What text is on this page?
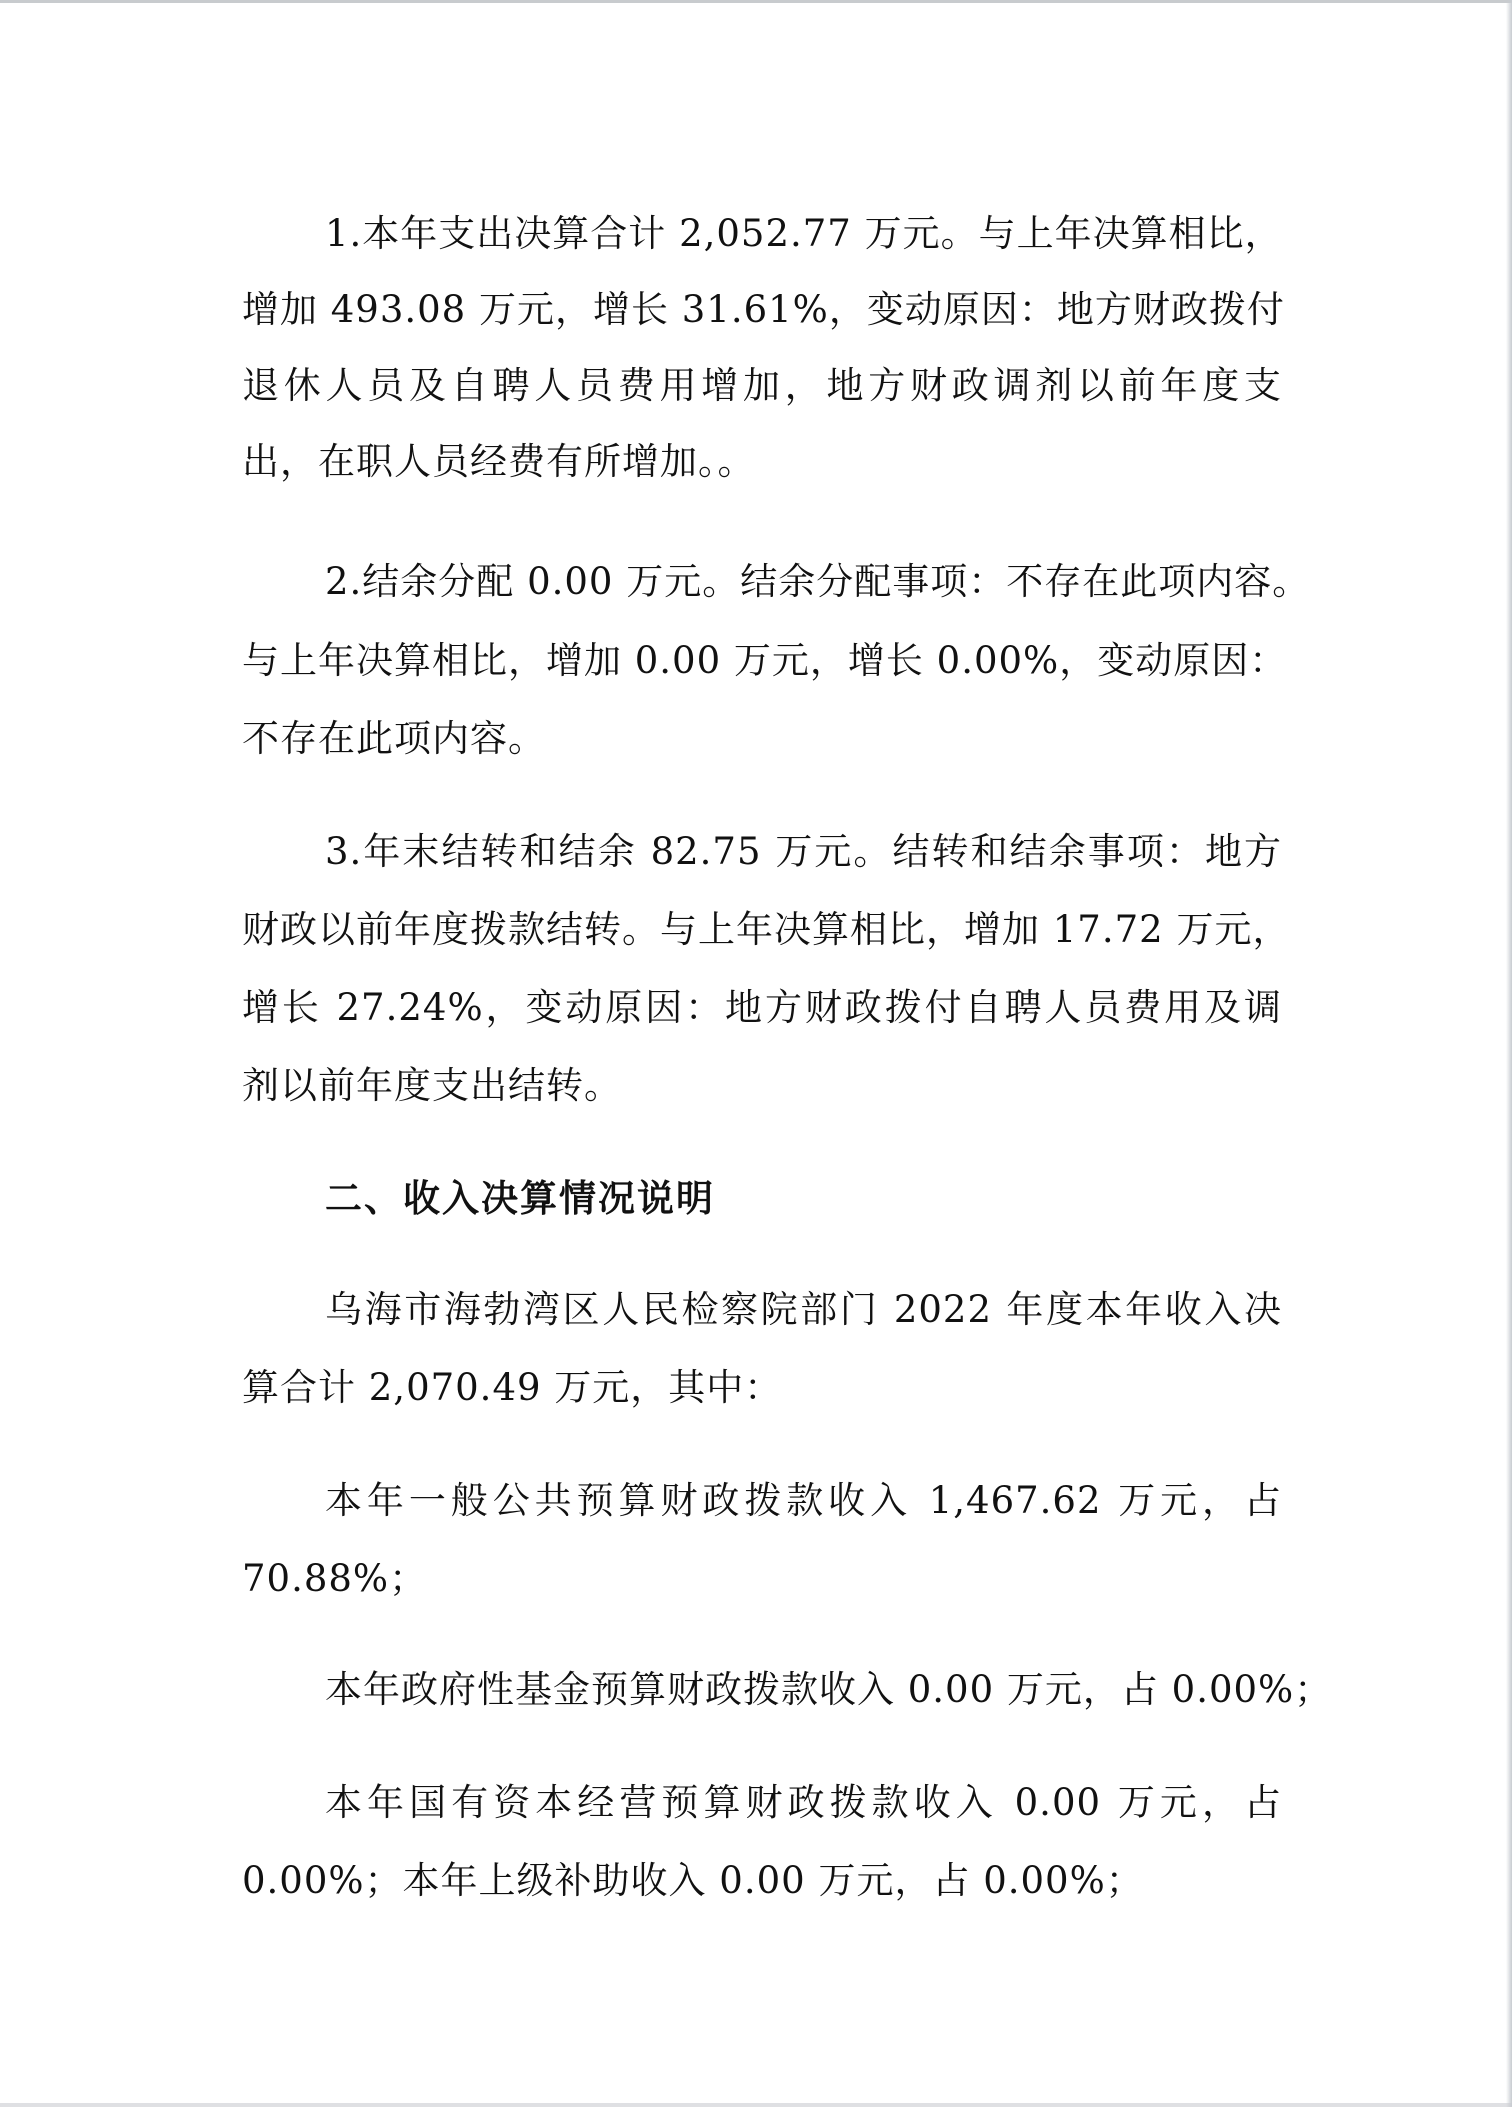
1.本年支出决算合计 2,052.77 万元。与上年决算相比，
增加 493.08 万元，增长 31.61%，变动原因：地方财政拨付
退休人员及自聘人员费用增加，地方财政调剂以前年度支
出，在职人员经费有所增加。。
2.结余分配 0.00 万元。结余分配事项：不存在此项内容。
与上年决算相比，增加 0.00 万元，增长 0.00%，变动原因：
不存在此项内容。
3.年末结转和结余 82.75 万元。结转和结余事项：地方
财政以前年度拨款结转。与上年决算相比，增加 17.72 万元，
增长 27.24%，变动原因：地方财政拨付自聘人员费用及调
剂以前年度支出结转。
二、收入决算情况说明
乌海市海勃湾区人民检察院部门 2022 年度本年收入决
算合计 2,070.49 万元，其中：
本年一般公共预算财政拨款收入 1,467.62 万元，占
70.88%；
本年政府性基金预算财政拨款收入 0.00 万元，占 0.00%；
本年国有资本经营预算财政拨款收入 0.00 万元，占
0.00%；本年上级补助收入 0.00 万元，占 0.00%；
